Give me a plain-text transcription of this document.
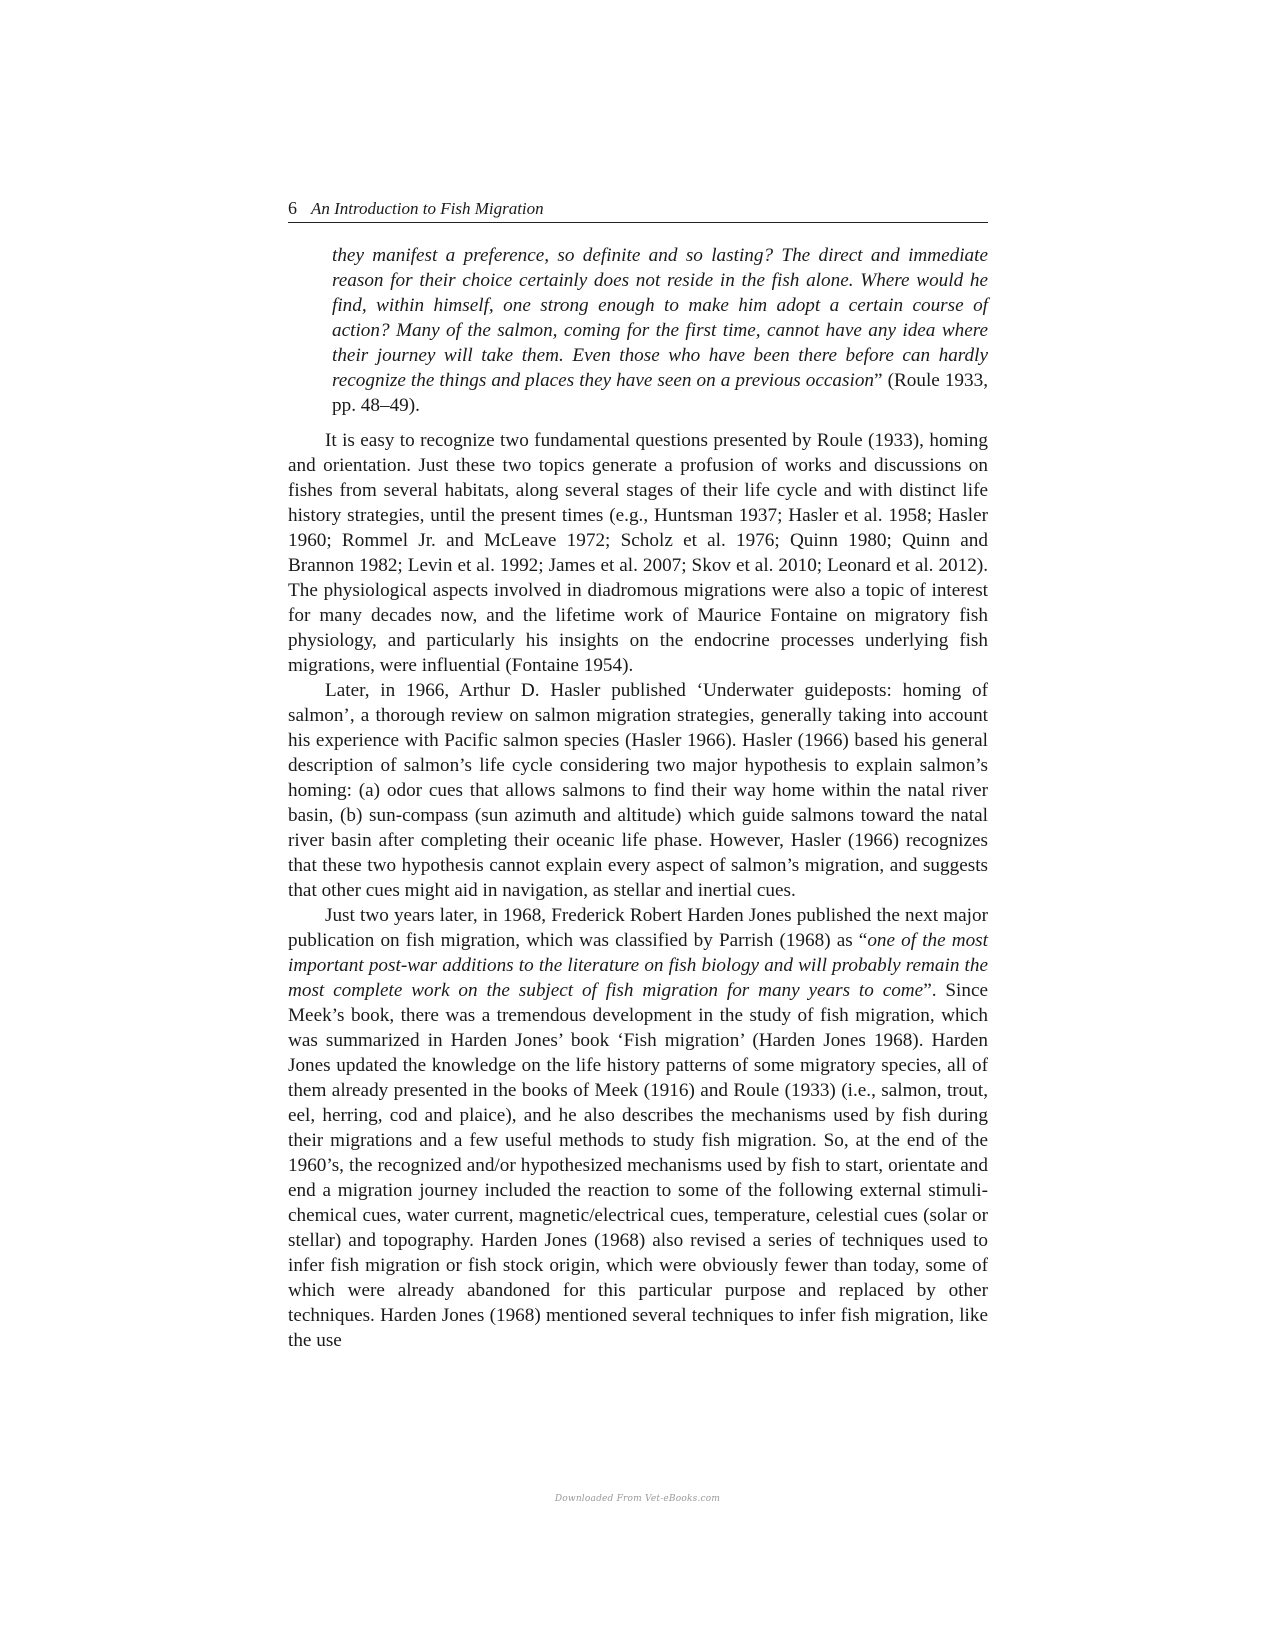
6 An Introduction to Fish Migration
they manifest a preference, so definite and so lasting? The direct and immediate reason for their choice certainly does not reside in the fish alone. Where would he find, within himself, one strong enough to make him adopt a certain course of action? Many of the salmon, coming for the first time, cannot have any idea where their journey will take them. Even those who have been there before can hardly recognize the things and places they have seen on a previous occasion” (Roule 1933, pp. 48–49).

It is easy to recognize two fundamental questions presented by Roule (1933), homing and orientation. Just these two topics generate a profusion of works and discussions on fishes from several habitats, along several stages of their life cycle and with distinct life history strategies, until the present times (e.g., Huntsman 1937; Hasler et al. 1958; Hasler 1960; Rommel Jr. and McLeave 1972; Scholz et al. 1976; Quinn 1980; Quinn and Brannon 1982; Levin et al. 1992; James et al. 2007; Skov et al. 2010; Leonard et al. 2012). The physiological aspects involved in diadromous migrations were also a topic of interest for many decades now, and the lifetime work of Maurice Fontaine on migratory fish physiology, and particularly his insights on the endocrine processes underlying fish migrations, were influential (Fontaine 1954).

Later, in 1966, Arthur D. Hasler published ‘Underwater guideposts: homing of salmon’, a thorough review on salmon migration strategies, generally taking into account his experience with Pacific salmon species (Hasler 1966). Hasler (1966) based his general description of salmon’s life cycle considering two major hypothesis to explain salmon’s homing: (a) odor cues that allows salmons to find their way home within the natal river basin, (b) sun-compass (sun azimuth and altitude) which guide salmons toward the natal river basin after completing their oceanic life phase. However, Hasler (1966) recognizes that these two hypothesis cannot explain every aspect of salmon’s migration, and suggests that other cues might aid in navigation, as stellar and inertial cues.

Just two years later, in 1968, Frederick Robert Harden Jones published the next major publication on fish migration, which was classified by Parrish (1968) as “one of the most important post-war additions to the literature on fish biology and will probably remain the most complete work on the subject of fish migration for many years to come”. Since Meek’s book, there was a tremendous development in the study of fish migration, which was summarized in Harden Jones’ book ‘Fish migration’ (Harden Jones 1968). Harden Jones updated the knowledge on the life history patterns of some migratory species, all of them already presented in the books of Meek (1916) and Roule (1933) (i.e., salmon, trout, eel, herring, cod and plaice), and he also describes the mechanisms used by fish during their migrations and a few useful methods to study fish migration. So, at the end of the 1960’s, the recognized and/or hypothesized mechanisms used by fish to start, orientate and end a migration journey included the reaction to some of the following external stimuli- chemical cues, water current, magnetic/electrical cues, temperature, celestial cues (solar or stellar) and topography. Harden Jones (1968) also revised a series of techniques used to infer fish migration or fish stock origin, which were obviously fewer than today, some of which were already abandoned for this particular purpose and replaced by other techniques. Harden Jones (1968) mentioned several techniques to infer fish migration, like the use

Downloaded From Vet-eBooks.com
